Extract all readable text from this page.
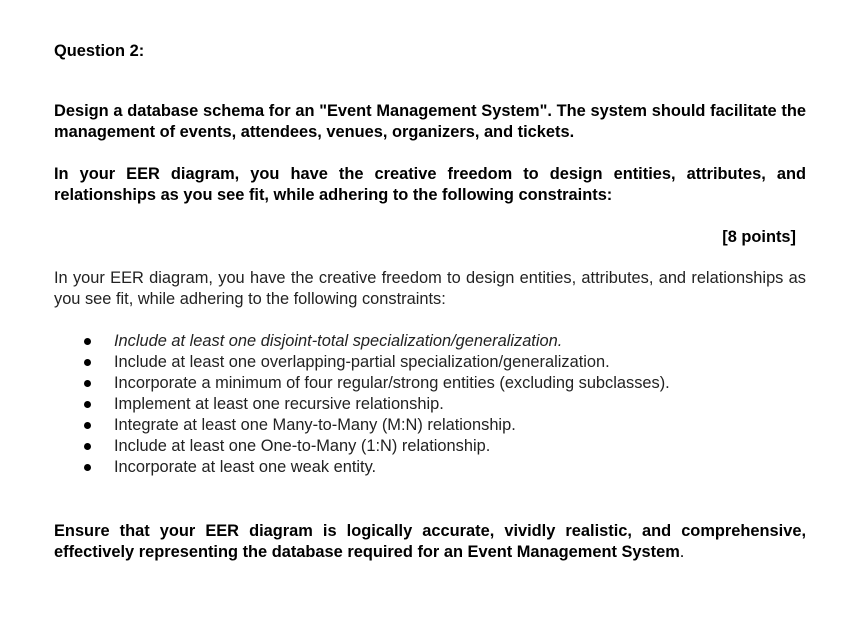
Question 2:
Design a database schema for an "Event Management System". The system should facilitate the management of events, attendees, venues, organizers, and tickets.
In your EER diagram, you have the creative freedom to design entities, attributes, and relationships as you see fit, while adhering to the following constraints:
[8 points]
In your EER diagram, you have the creative freedom to design entities, attributes, and relationships as you see fit, while adhering to the following constraints:
Include at least one disjoint-total specialization/generalization.
Include at least one overlapping-partial specialization/generalization.
Incorporate a minimum of four regular/strong entities (excluding subclasses).
Implement at least one recursive relationship.
Integrate at least one Many-to-Many (M:N) relationship.
Include at least one One-to-Many (1:N) relationship.
Incorporate at least one weak entity.
Ensure that your EER diagram is logically accurate, vividly realistic, and comprehensive, effectively representing the database required for an Event Management System.
